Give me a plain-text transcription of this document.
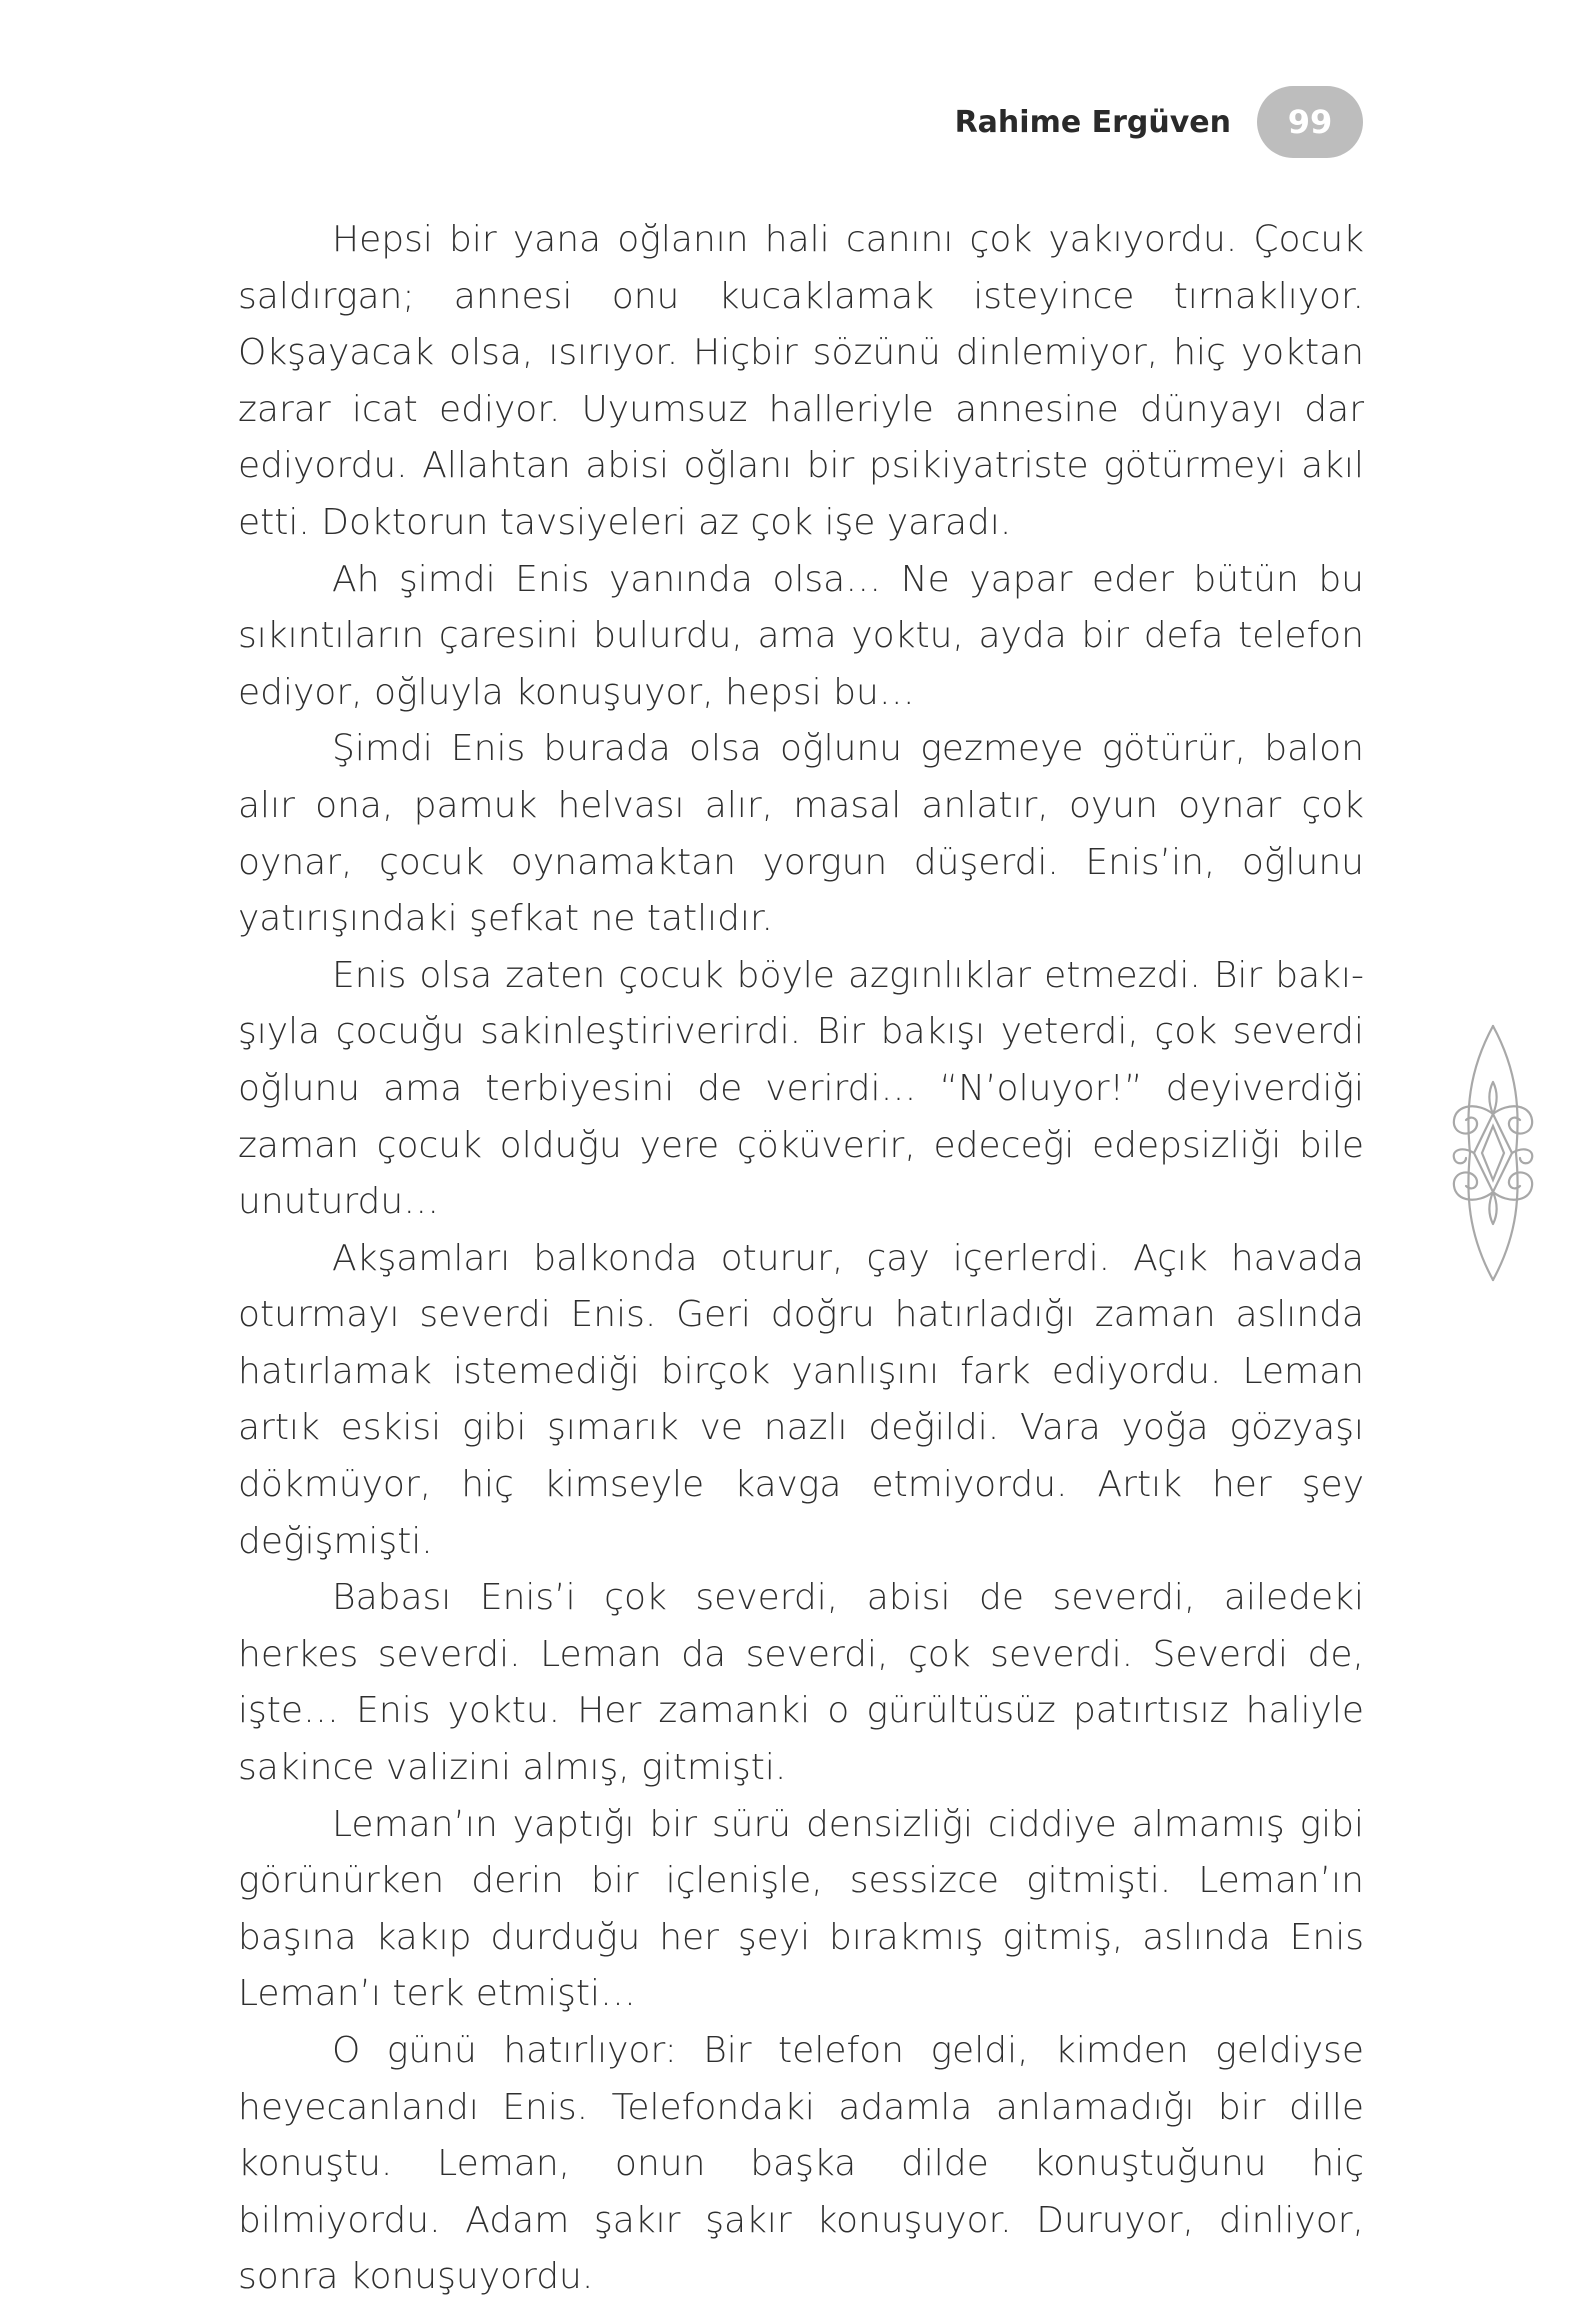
Rahime Ergüven	99

Hepsi bir yana oğlanın hali canını çok yakıyordu. Çocuk saldırgan; annesi onu kucaklamak isteyince tırnaklıyor. Okşayacak olsa, ısırıyor. Hiçbir sözünü dinlemiyor, hiç yoktan zarar icat ediyor. Uyumsuz halleriyle annesine dünyayı dar ediyordu. Allahtan abisi oğlanı bir psikiyatriste götürmeyi akıl etti. Doktorun tavsiyeleri az çok işe yaradı.

Ah şimdi Enis yanında olsa… Ne yapar eder bütün bu sıkıntıların çaresini bulurdu, ama yoktu, ayda bir defa telefon ediyor, oğluyla konuşuyor, hepsi bu…

Şimdi Enis burada olsa oğlunu gezmeye götürür, balon alır ona, pamuk helvası alır, masal anlatır, oyun oynar çok oynar, çocuk oynamaktan yorgun düşerdi. Enis’in, oğlunu yatırışındaki şefkat ne tatlıdır.

Enis olsa zaten çocuk böyle azgınlıklar etmezdi. Bir bakışıyla çocuğu sakinleştiriverirdi. Bir bakışı yeterdi, çok severdi oğlunu ama terbiyesini de verirdi… “N’oluyor!” deyiverdiği zaman çocuk olduğu yere çöküverir, edeceği edepsizliği bile unuturdu…

Akşamları balkonda oturur, çay içerlerdi. Açık havada oturmayı severdi Enis. Geri doğru hatırladığı zaman aslında hatırlamak istemediği birçok yanlışını fark ediyordu. Leman artık eskisi gibi şımarık ve nazlı değildi. Vara yoğa gözyaşı dökmüyor, hiç kimseyle kavga etmiyordu. Artık her şey değişmişti.

Babası Enis’i çok severdi, abisi de severdi, ailedeki herkes severdi. Leman da severdi, çok severdi. Severdi de, işte… Enis yoktu. Her zamanki o gürültüsüz patırtısız haliyle sakince valizini almış, gitmişti.

Leman’ın yaptığı bir sürü densizliği ciddiye almamış gibi görünürken derin bir içlenişle, sessizce gitmişti. Leman’ın başına kakıp durduğu her şeyi bırakmış gitmiş, aslında Enis Leman’ı terk etmişti…

O günü hatırlıyor: Bir telefon geldi, kimden geldiyse heyecanlandı Enis. Telefondaki adamla anlamadığı bir dille konuştu. Leman, onun başka dilde konuştuğunu hiç bilmiyordu. Adam şakır şakır konuşuyor. Duruyor, dinliyor, sonra konuşuyordu.
